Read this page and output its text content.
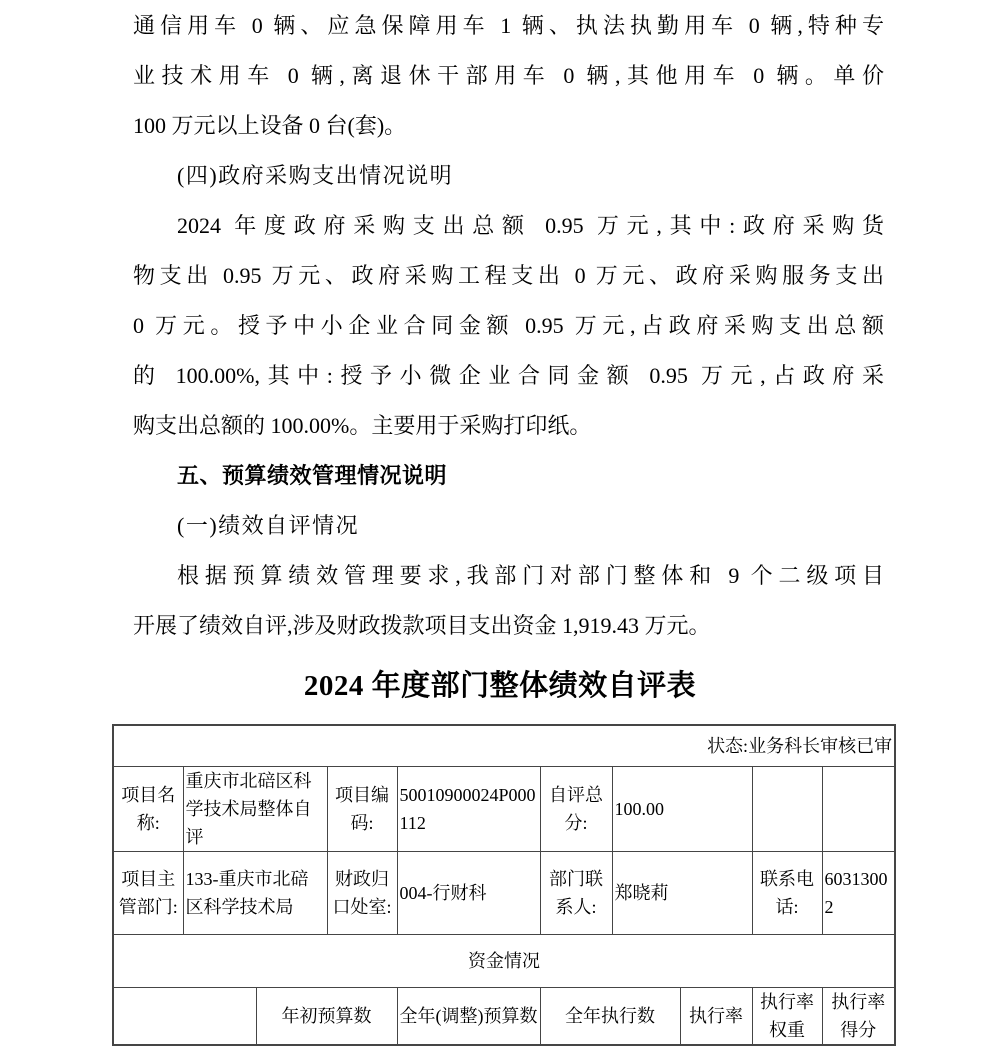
通信用车 0 辆、应急保障用车 1 辆、执法执勤用车 0 辆,特种专
业技术用车 0 辆,离退休干部用车 0 辆,其他用车 0 辆。单价
100 万元以上设备 0 台(套)。
(四)政府采购支出情况说明
2024 年度政府采购支出总额 0.95 万元,其中:政府采购货
物支出 0.95 万元、政府采购工程支出 0 万元、政府采购服务支出
0 万元。授予中小企业合同金额 0.95 万元,占政府采购支出总额
的 100.00%,其中:授予小微企业合同金额 0.95 万元,占政府采
购支出总额的 100.00%。主要用于采购打印纸。
五、预算绩效管理情况说明
(一)绩效自评情况
根据预算绩效管理要求,我部门对部门整体和 9 个二级项目
开展了绩效自评,涉及财政拨款项目支出资金 1,919.43 万元。
2024 年度部门整体绩效自评表
状态:业务科长审核已审									
项目名称:	重庆市北碚区科学技术局整体自评		项目编码:	50010900024P000112	自评总分:	100.00			
项目主管部门:	133-重庆市北碚区科学技术局		财政归口处室:	004-行财科	部门联系人:	郑晓莉		联系电话:	60313002
资金情况									
		年初预算数		全年(调整)预算数	全年执行数		执行率	执行率权重	执行率得分
